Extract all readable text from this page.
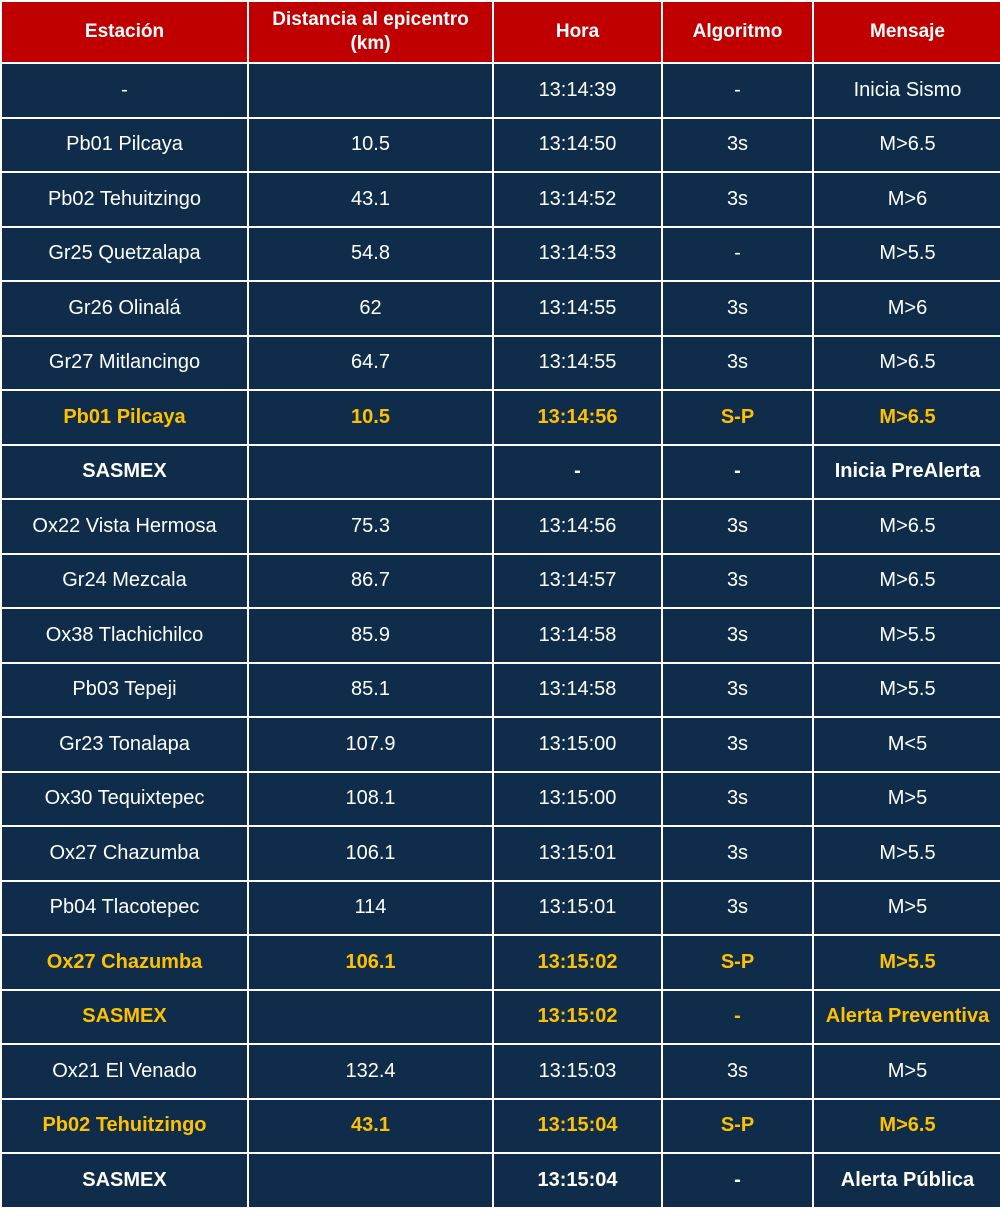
Estación	Distancia al epicentro (km)	Hora	Algoritmo	Mensaje
-		13:14:39	-	Inicia Sismo
Pb01 Pilcaya	10.5	13:14:50	3s	M>6.5
Pb02 Tehuitzingo	43.1	13:14:52	3s	M>6
Gr25 Quetzalapa	54.8	13:14:53	-	M>5.5
Gr26 Olinalá	62	13:14:55	3s	M>6
Gr27 Mitlancingo	64.7	13:14:55	3s	M>6.5
Pb01 Pilcaya	10.5	13:14:56	S-P	M>6.5
SASMEX		-	-	Inicia PreAlerta
Ox22 Vista Hermosa	75.3	13:14:56	3s	M>6.5
Gr24 Mezcala	86.7	13:14:57	3s	M>6.5
Ox38 Tlachichilco	85.9	13:14:58	3s	M>5.5
Pb03 Tepeji	85.1	13:14:58	3s	M>5.5
Gr23 Tonalapa	107.9	13:15:00	3s	M<5
Ox30 Tequixtepec	108.1	13:15:00	3s	M>5
Ox27 Chazumba	106.1	13:15:01	3s	M>5.5
Pb04 Tlacotepec	114	13:15:01	3s	M>5
Ox27 Chazumba	106.1	13:15:02	S-P	M>5.5
SASMEX		13:15:02	-	Alerta Preventiva
Ox21 El Venado	132.4	13:15:03	3s	M>5
Pb02 Tehuitzingo	43.1	13:15:04	S-P	M>6.5
SASMEX		13:15:04	-	Alerta Pública
